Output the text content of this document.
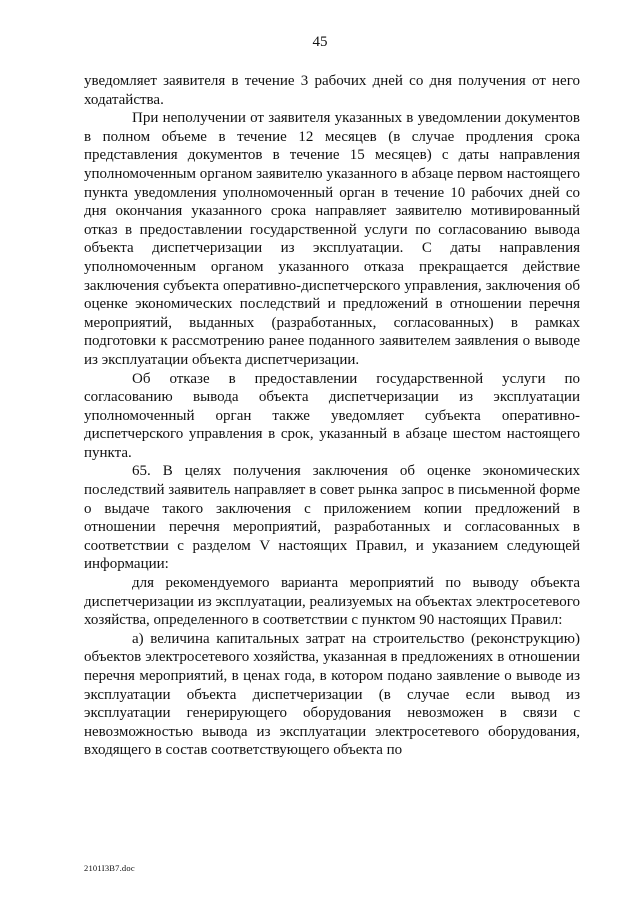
45

уведомляет заявителя в течение 3 рабочих дней со дня получения от него ходатайства.

При неполучении от заявителя указанных в уведомлении документов в полном объеме в течение 12 месяцев (в случае продления срока представления документов в течение 15 месяцев) с даты направления уполномоченным органом заявителю указанного в абзаце первом настоящего пункта уведомления уполномоченный орган в течение 10 рабочих дней со дня окончания указанного срока направляет заявителю мотивированный отказ в предоставлении государственной услуги по согласованию вывода объекта диспетчеризации из эксплуатации. С даты направления уполномоченным органом указанного отказа прекращается действие заключения субъекта оперативно-диспетчерского управления, заключения об оценке экономических последствий и предложений в отношении перечня мероприятий, выданных (разработанных, согласованных) в рамках подготовки к рассмотрению ранее поданного заявителем заявления о выводе из эксплуатации объекта диспетчеризации.

Об отказе в предоставлении государственной услуги по согласованию вывода объекта диспетчеризации из эксплуатации уполномоченный орган также уведомляет субъекта оперативно-диспетчерского управления в срок, указанный в абзаце шестом настоящего пункта.

65. В целях получения заключения об оценке экономических последствий заявитель направляет в совет рынка запрос в письменной форме о выдаче такого заключения с приложением копии предложений в отношении перечня мероприятий, разработанных и согласованных в соответствии с разделом V настоящих Правил, и указанием следующей информации:

для рекомендуемого варианта мероприятий по выводу объекта диспетчеризации из эксплуатации, реализуемых на объектах электросетевого хозяйства, определенного в соответствии с пунктом 90 настоящих Правил:

а) величина капитальных затрат на строительство (реконструкцию) объектов электросетевого хозяйства, указанная в предложениях в отношении перечня мероприятий, в ценах года, в котором подано заявление о выводе из эксплуатации объекта диспетчеризации (в случае если вывод из эксплуатации генерирующего оборудования невозможен в связи с невозможностью вывода из эксплуатации электросетевого оборудования, входящего в состав соответствующего объекта по

2101I3B7.doc
